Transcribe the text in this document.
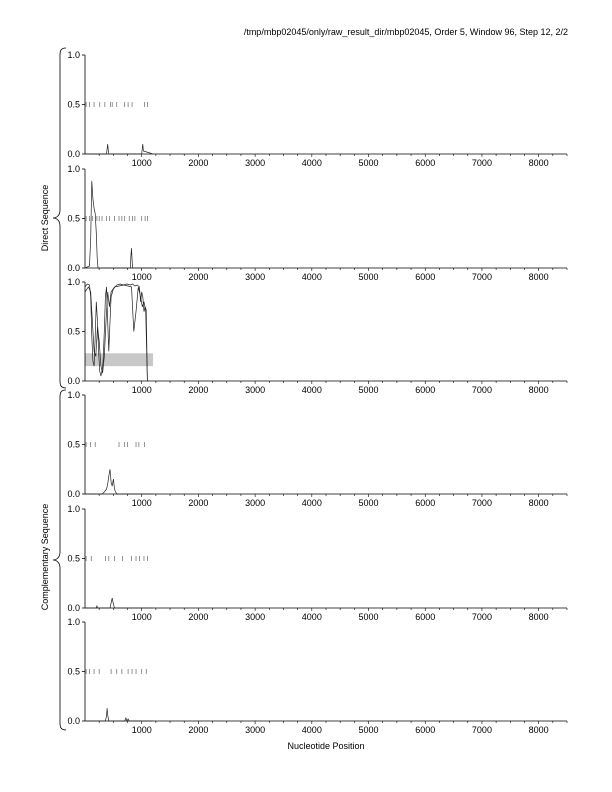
/tmp/mbp02045/only/raw_result_dir/mbp02045, Order 5, Window 96, Step 12, 2/2
0.0
0.5
1.0
1000	2000	3000	4000	5000	6000	7000	8000
0.0
0.5
1.0
1000	2000	3000	4000	5000	6000	7000	8000
0.0
0.5
1.0
1000	2000	3000	4000	5000	6000	7000	8000
0.0
0.5
1.0
1000	2000	3000	4000	5000	6000	7000	8000
0.0
0.5
1.0
1000	2000	3000	4000	5000	6000	7000	8000
0.0
0.5
1.0
1000	2000	3000	4000	5000	6000	7000	8000
Direct Sequence
Complementary Sequence
Nucleotide Position
